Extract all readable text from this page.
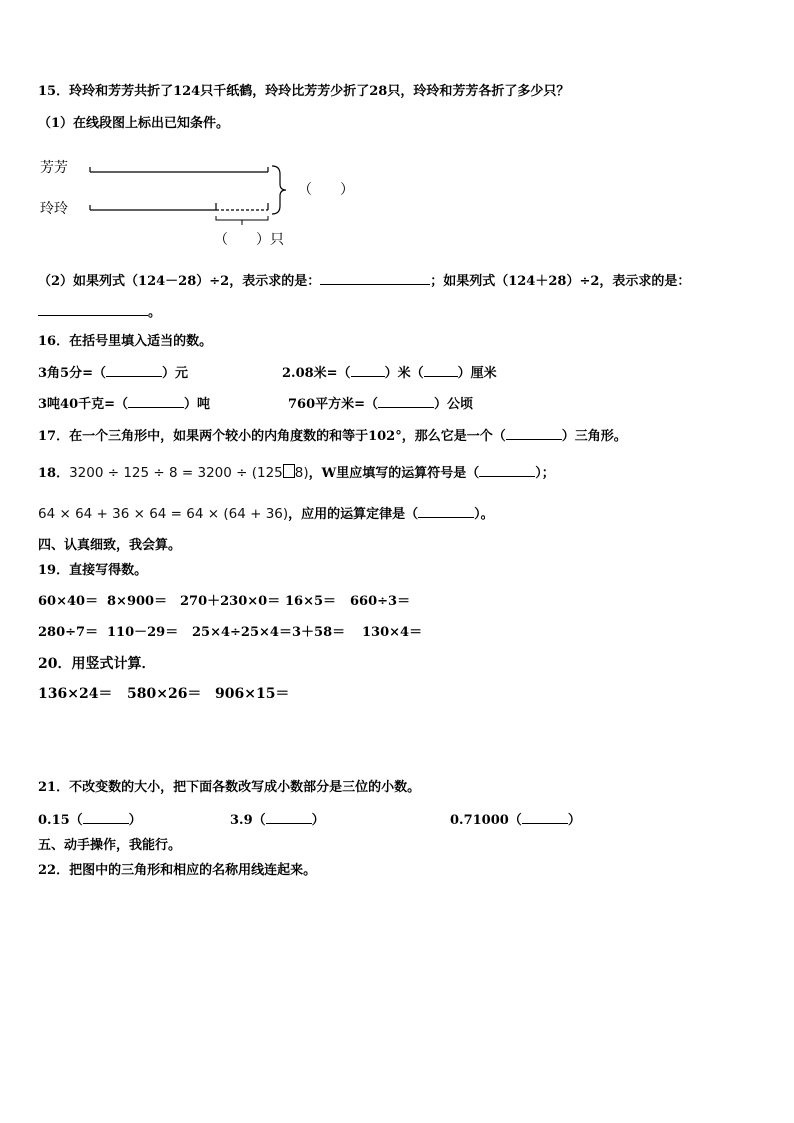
15．玲玲和芳芳共折了124只千纸鹤，玲玲比芳芳少折了28只，玲玲和芳芳各折了多少只？
（1）在线段图上标出已知条件。
芳芳
玲玲
（　　）
（　　）只
（2）如果列式（124－28）÷2，表示求的是：	；如果列式（124＋28）÷2，表示求的是：
。
16．在括号里填入适当的数。
3角5分=（	）元	2.08米=（	）米（	）厘米
3吨40千克=（	）吨	760平方米=（	）公顷
17．在一个三角形中，如果两个较小的内角度数的和等于102°，那么它是一个（	）三角形。
18．3200 ÷ 125 ÷ 8 = 3200 ÷ (125 8)，W里应填写的运算符号是（	）；
64 × 64 + 36 × 64 = 64 × (64 + 36)，应用的运算定律是（	）。
四、认真细致，我会算。
19．直接写得数。
60×40＝ 8×900＝ 270＋230×0＝ 16×5＝ 660÷3＝
280÷7＝ 110－29＝ 25×4÷25×4＝ 3＋58＝ 130×4＝
20．用竖式计算．
136×24＝ 580×26＝ 906×15＝
21．不改变数的大小，把下面各数改写成小数部分是三位的小数。
0.15（	）	3.9（	）	0.71000（	）
五、动手操作，我能行。
22．把图中的三角形和相应的名称用线连起来。
